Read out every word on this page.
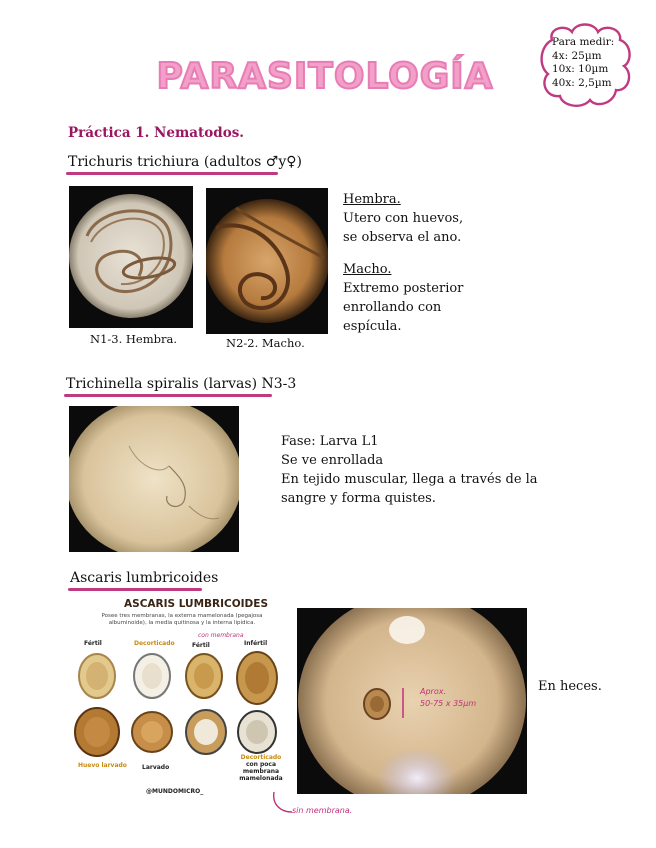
PARASITOLOGÍA
Para medir:
4x: 25µm
10x: 10µm
40x: 2,5µm
Práctica 1. Nematodos.
Trichuris trichiura (adultos ♂y♀)
N1-3. Hembra.	N2-2. Macho.
Hembra.
Utero con huevos,
se observa el ano.
Macho.
Extremo posterior
enrollando con
espícula.
Trichinella spiralis (larvas) N3-3
Fase: Larva L1
Se ve enrollada
En tejido muscular, llega a través de la
sangre y forma quistes.
Ascaris lumbricoides
ASCARIS LUMBRICOIDES
Posee tres membranas, la externa mamelonada (pegajosa
albuminoide), la media quitinosa y la interna lipídica.
Fértil	Decorticado
con membrana
Fértil	Infértil
Huevo larvado	Larvado
Decorticado
con poca
membrana
mamelonada
@MUNDOMICRO_
sin membrana.
Aprox.
50-75 x 35µm
En heces.
